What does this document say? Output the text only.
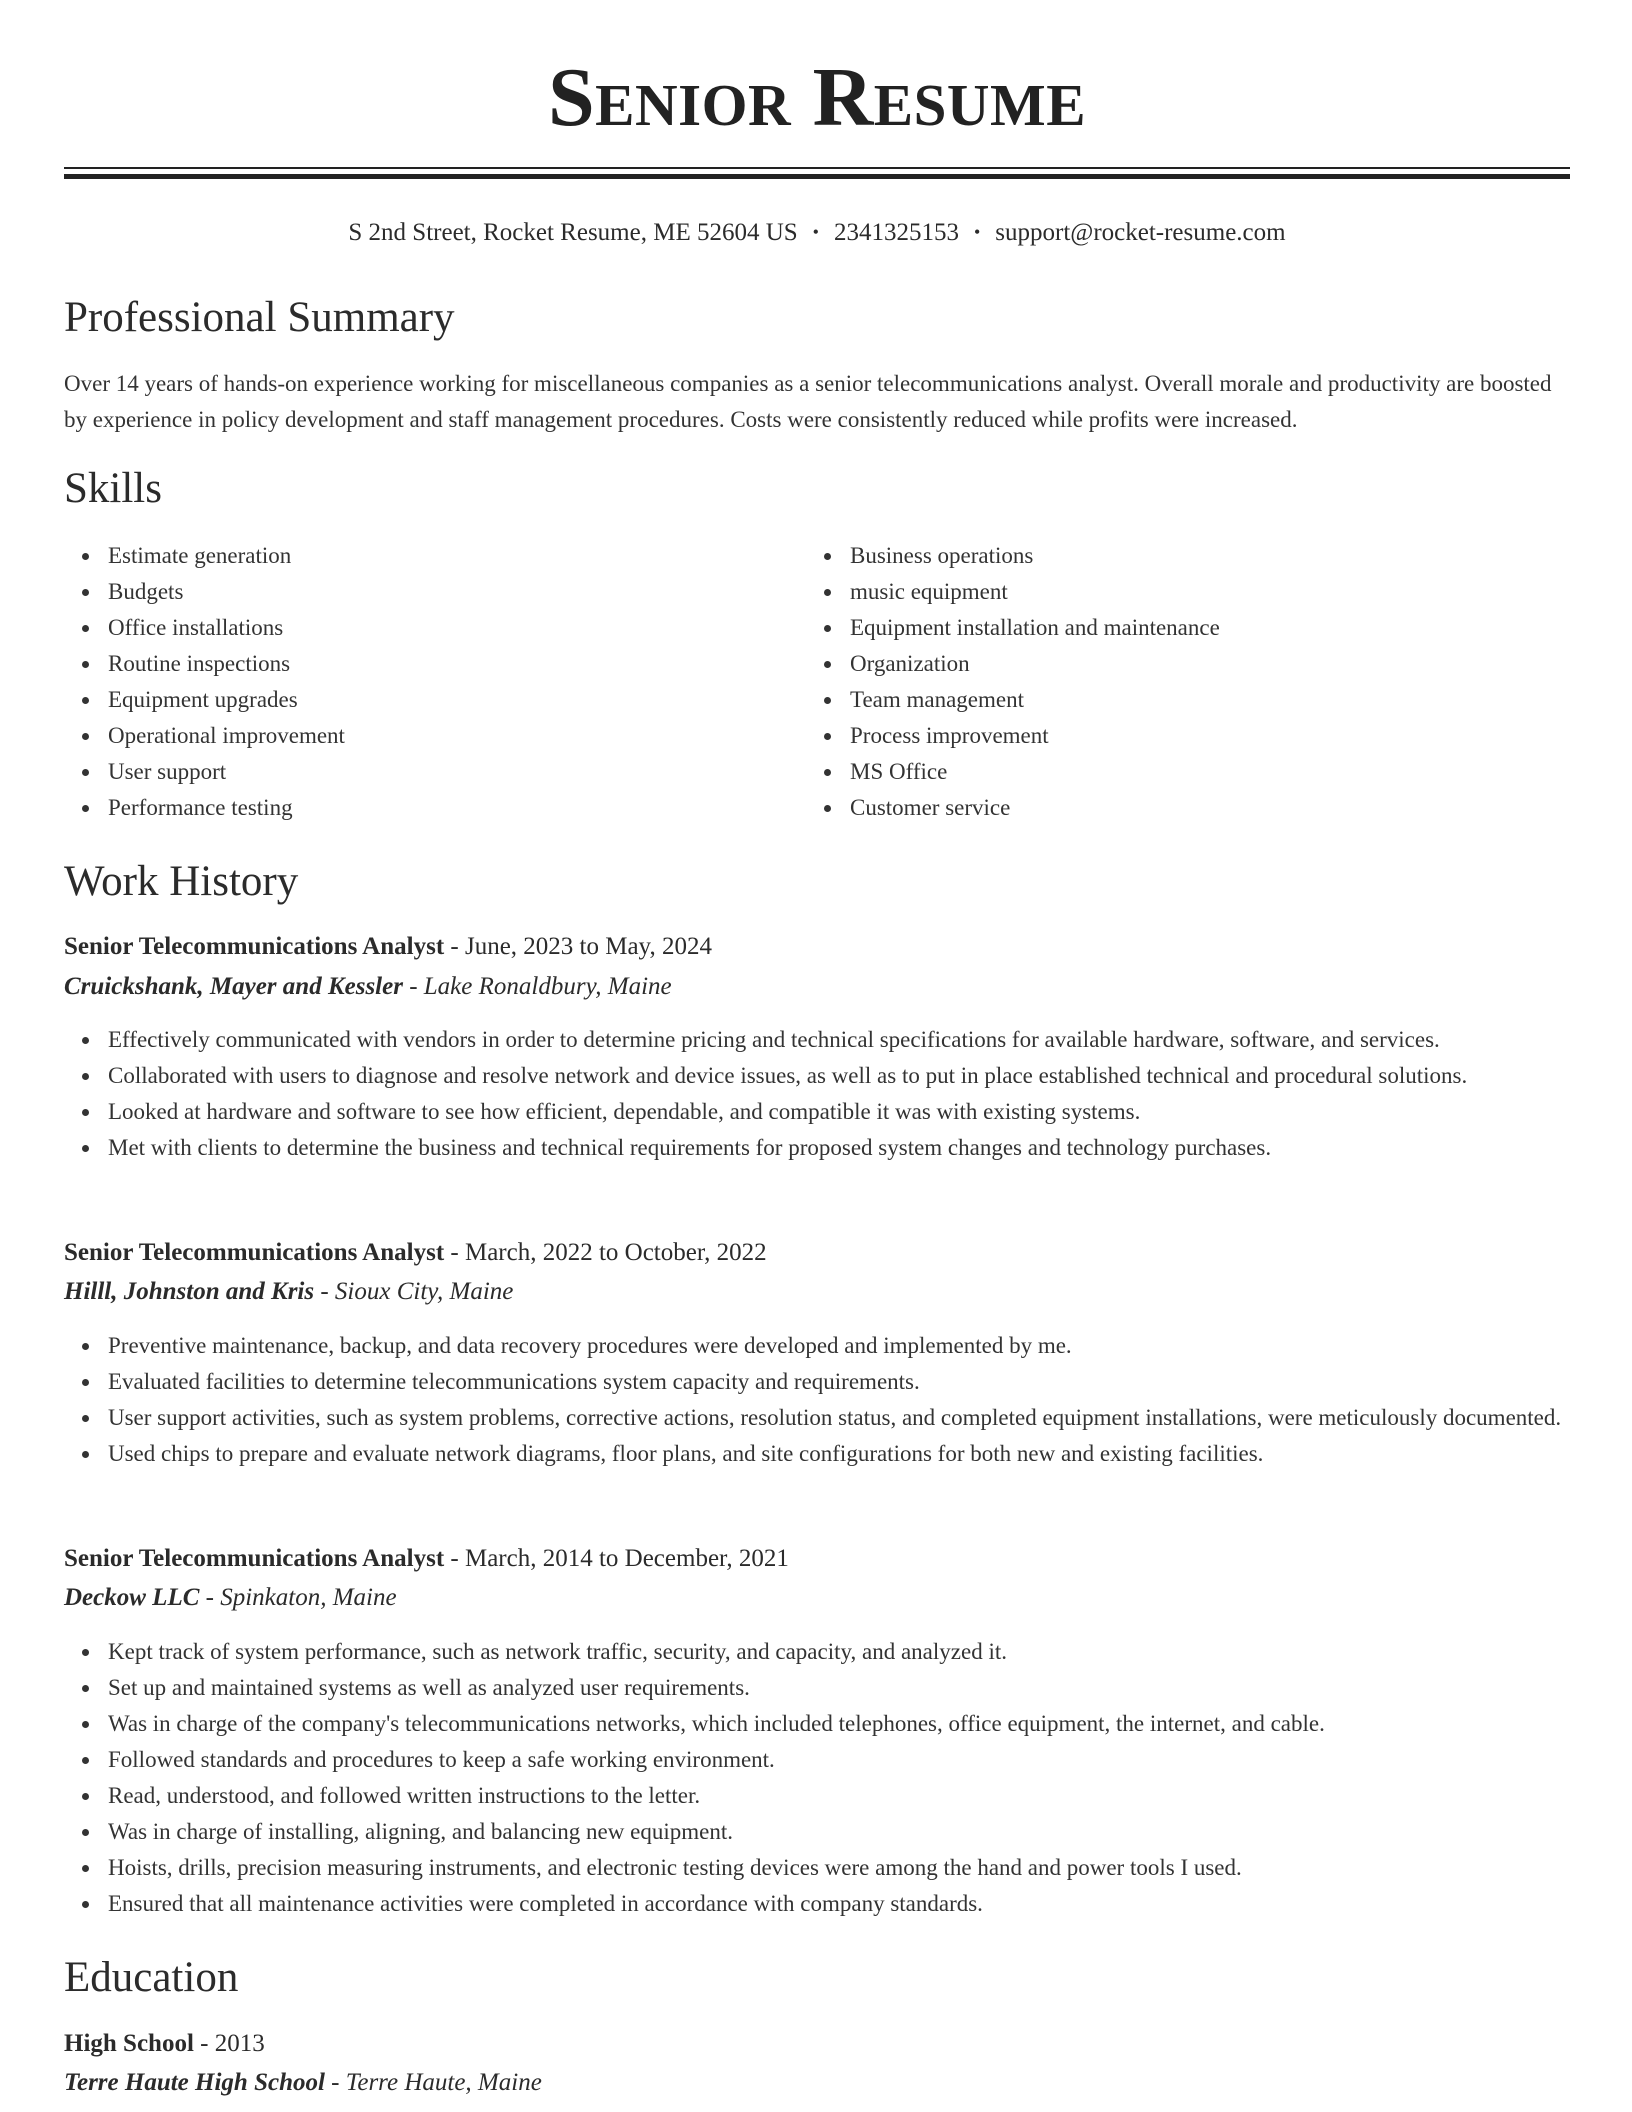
Senior Resume
S 2nd Street, Rocket Resume, ME 52604 US • 2341325153 • support@rocket-resume.com
Professional Summary

Over 14 years of hands-on experience working for miscellaneous companies as a senior telecommunications analyst. Overall morale and productivity are boosted by experience in policy development and staff management procedures. Costs were consistently reduced while profits were increased.

Skills
Estimate generation
Budgets
Office installations
Routine inspections
Equipment upgrades
Operational improvement
User support
Performance testing
Business operations
music equipment
Equipment installation and maintenance
Organization
Team management
Process improvement
MS Office
Customer service
Work History
Senior Telecommunications Analyst - June, 2023 to May, 2024
Cruickshank, Mayer and Kessler - Lake Ronaldbury, Maine
Effectively communicated with vendors in order to determine pricing and technical specifications for available hardware, software, and services.
Collaborated with users to diagnose and resolve network and device issues, as well as to put in place established technical and procedural solutions.
Looked at hardware and software to see how efficient, dependable, and compatible it was with existing systems.
Met with clients to determine the business and technical requirements for proposed system changes and technology purchases.
Senior Telecommunications Analyst - March, 2022 to October, 2022
Hilll, Johnston and Kris - Sioux City, Maine
Preventive maintenance, backup, and data recovery procedures were developed and implemented by me.
Evaluated facilities to determine telecommunications system capacity and requirements.
User support activities, such as system problems, corrective actions, resolution status, and completed equipment installations, were meticulously documented.
Used chips to prepare and evaluate network diagrams, floor plans, and site configurations for both new and existing facilities.
Senior Telecommunications Analyst - March, 2014 to December, 2021
Deckow LLC - Spinkaton, Maine
Kept track of system performance, such as network traffic, security, and capacity, and analyzed it.
Set up and maintained systems as well as analyzed user requirements.
Was in charge of the company's telecommunications networks, which included telephones, office equipment, the internet, and cable.
Followed standards and procedures to keep a safe working environment.
Read, understood, and followed written instructions to the letter.
Was in charge of installing, aligning, and balancing new equipment.
Hoists, drills, precision measuring instruments, and electronic testing devices were among the hand and power tools I used.
Ensured that all maintenance activities were completed in accordance with company standards.
Education
High School - 2013
Terre Haute High School - Terre Haute, Maine
